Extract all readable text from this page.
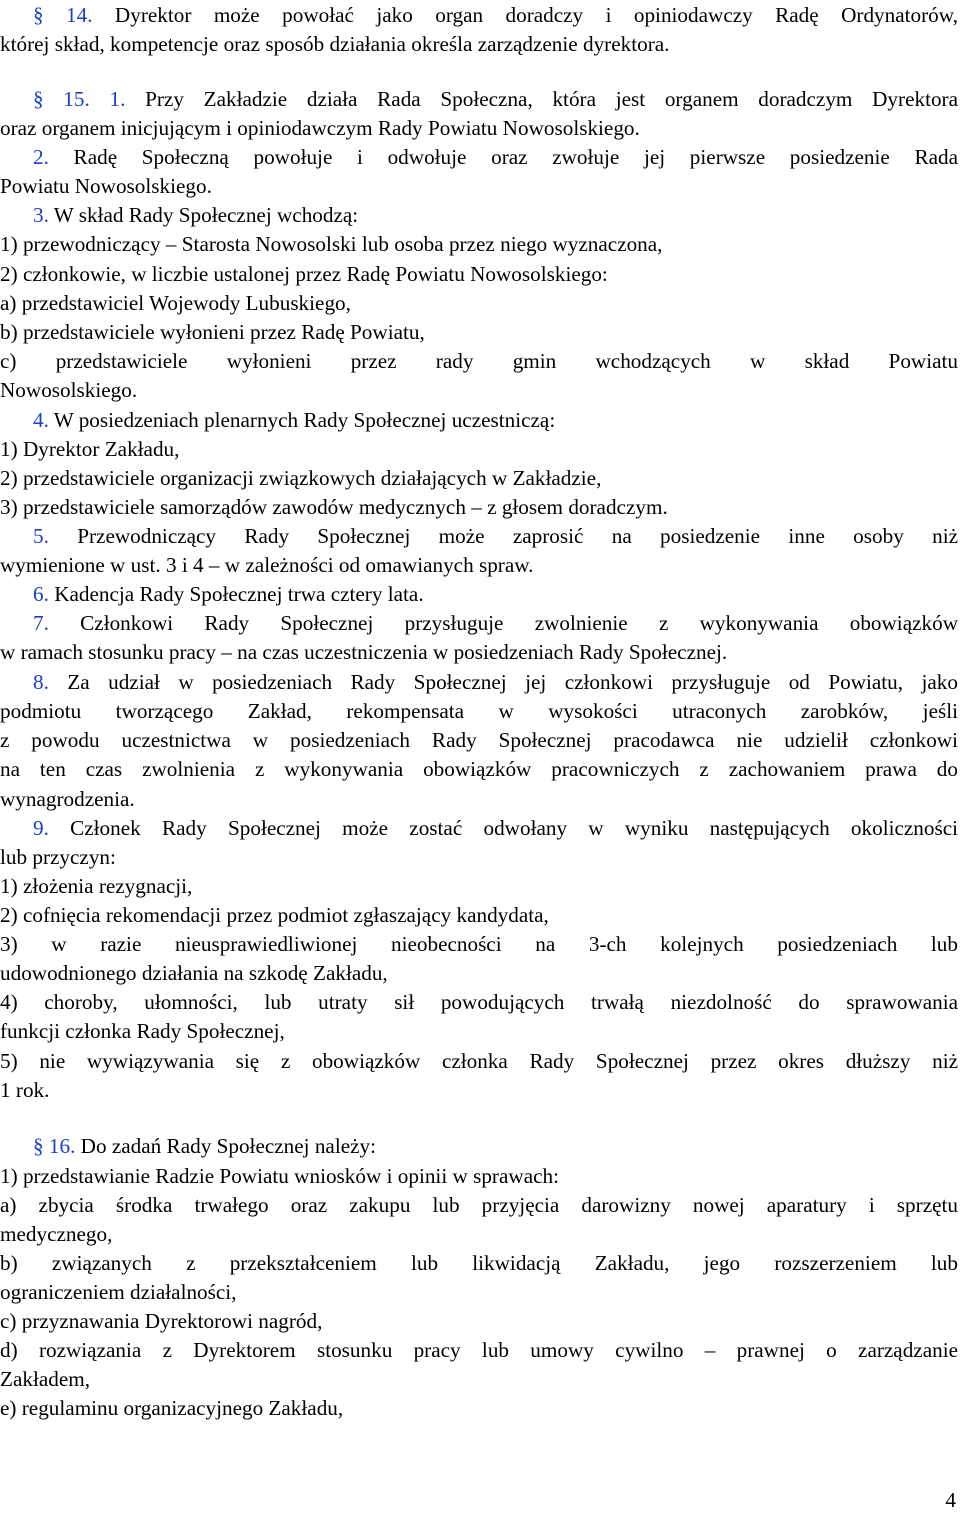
§ 14. Dyrektor może powołać jako organ doradczy i opiniodawczy Radę Ordynatorów,
której skład, kompetencje oraz sposób działania określa zarządzenie dyrektora.
§ 15. 1. Przy Zakładzie działa Rada Społeczna, która jest organem doradczym Dyrektora
oraz organem inicjującym i opiniodawczym Rady Powiatu Nowosolskiego.
2. Radę Społeczną powołuje i odwołuje oraz zwołuje jej pierwsze posiedzenie Rada
Powiatu Nowosolskiego.
3. W skład Rady Społecznej wchodzą:
1) przewodniczący – Starosta Nowosolski lub osoba przez niego wyznaczona,
2) członkowie, w liczbie ustalonej przez Radę Powiatu Nowosolskiego:
a) przedstawiciel Wojewody Lubuskiego,
b) przedstawiciele wyłonieni przez Radę Powiatu,
c) przedstawiciele wyłonieni przez rady gmin wchodzących w skład Powiatu
Nowosolskiego.
4. W posiedzeniach plenarnych Rady Społecznej uczestniczą:
1) Dyrektor Zakładu,
2) przedstawiciele organizacji związkowych działających w Zakładzie,
3) przedstawiciele samorządów zawodów medycznych – z głosem doradczym.
5. Przewodniczący Rady Społecznej może zaprosić na posiedzenie inne osoby niż
wymienione w ust. 3 i 4 – w zależności od omawianych spraw.
6. Kadencja Rady Społecznej trwa cztery lata.
7. Członkowi Rady Społecznej przysługuje zwolnienie z wykonywania obowiązków
w ramach stosunku pracy – na czas uczestniczenia w posiedzeniach Rady Społecznej.
8. Za udział w posiedzeniach Rady Społecznej jej członkowi przysługuje od Powiatu, jako
podmiotu tworzącego Zakład, rekompensata w wysokości utraconych zarobków, jeśli
z powodu uczestnictwa w posiedzeniach Rady Społecznej pracodawca nie udzielił członkowi
na ten czas zwolnienia z wykonywania obowiązków pracowniczych z zachowaniem prawa do
wynagrodzenia.
9. Członek Rady Społecznej może zostać odwołany w wyniku następujących okoliczności
lub przyczyn:
1) złożenia rezygnacji,
2) cofnięcia rekomendacji przez podmiot zgłaszający kandydata,
3) w razie nieusprawiedliwionej nieobecności na 3-ch kolejnych posiedzeniach lub
udowodnionego działania na szkodę Zakładu,
4) choroby, ułomności, lub utraty sił powodujących trwałą niezdolność do sprawowania
funkcji członka Rady Społecznej,
5) nie wywiązywania się z obowiązków członka Rady Społecznej przez okres dłuższy niż
1 rok.
§ 16. Do zadań Rady Społecznej należy:
1) przedstawianie Radzie Powiatu wniosków i opinii w sprawach:
a) zbycia środka trwałego oraz zakupu lub przyjęcia darowizny nowej aparatury i sprzętu
medycznego,
b) związanych z przekształceniem lub likwidacją Zakładu, jego rozszerzeniem lub
ograniczeniem działalności,
c) przyznawania Dyrektorowi nagród,
d) rozwiązania z Dyrektorem stosunku pracy lub umowy cywilno – prawnej o zarządzanie
Zakładem,
e) regulaminu organizacyjnego Zakładu,
4
